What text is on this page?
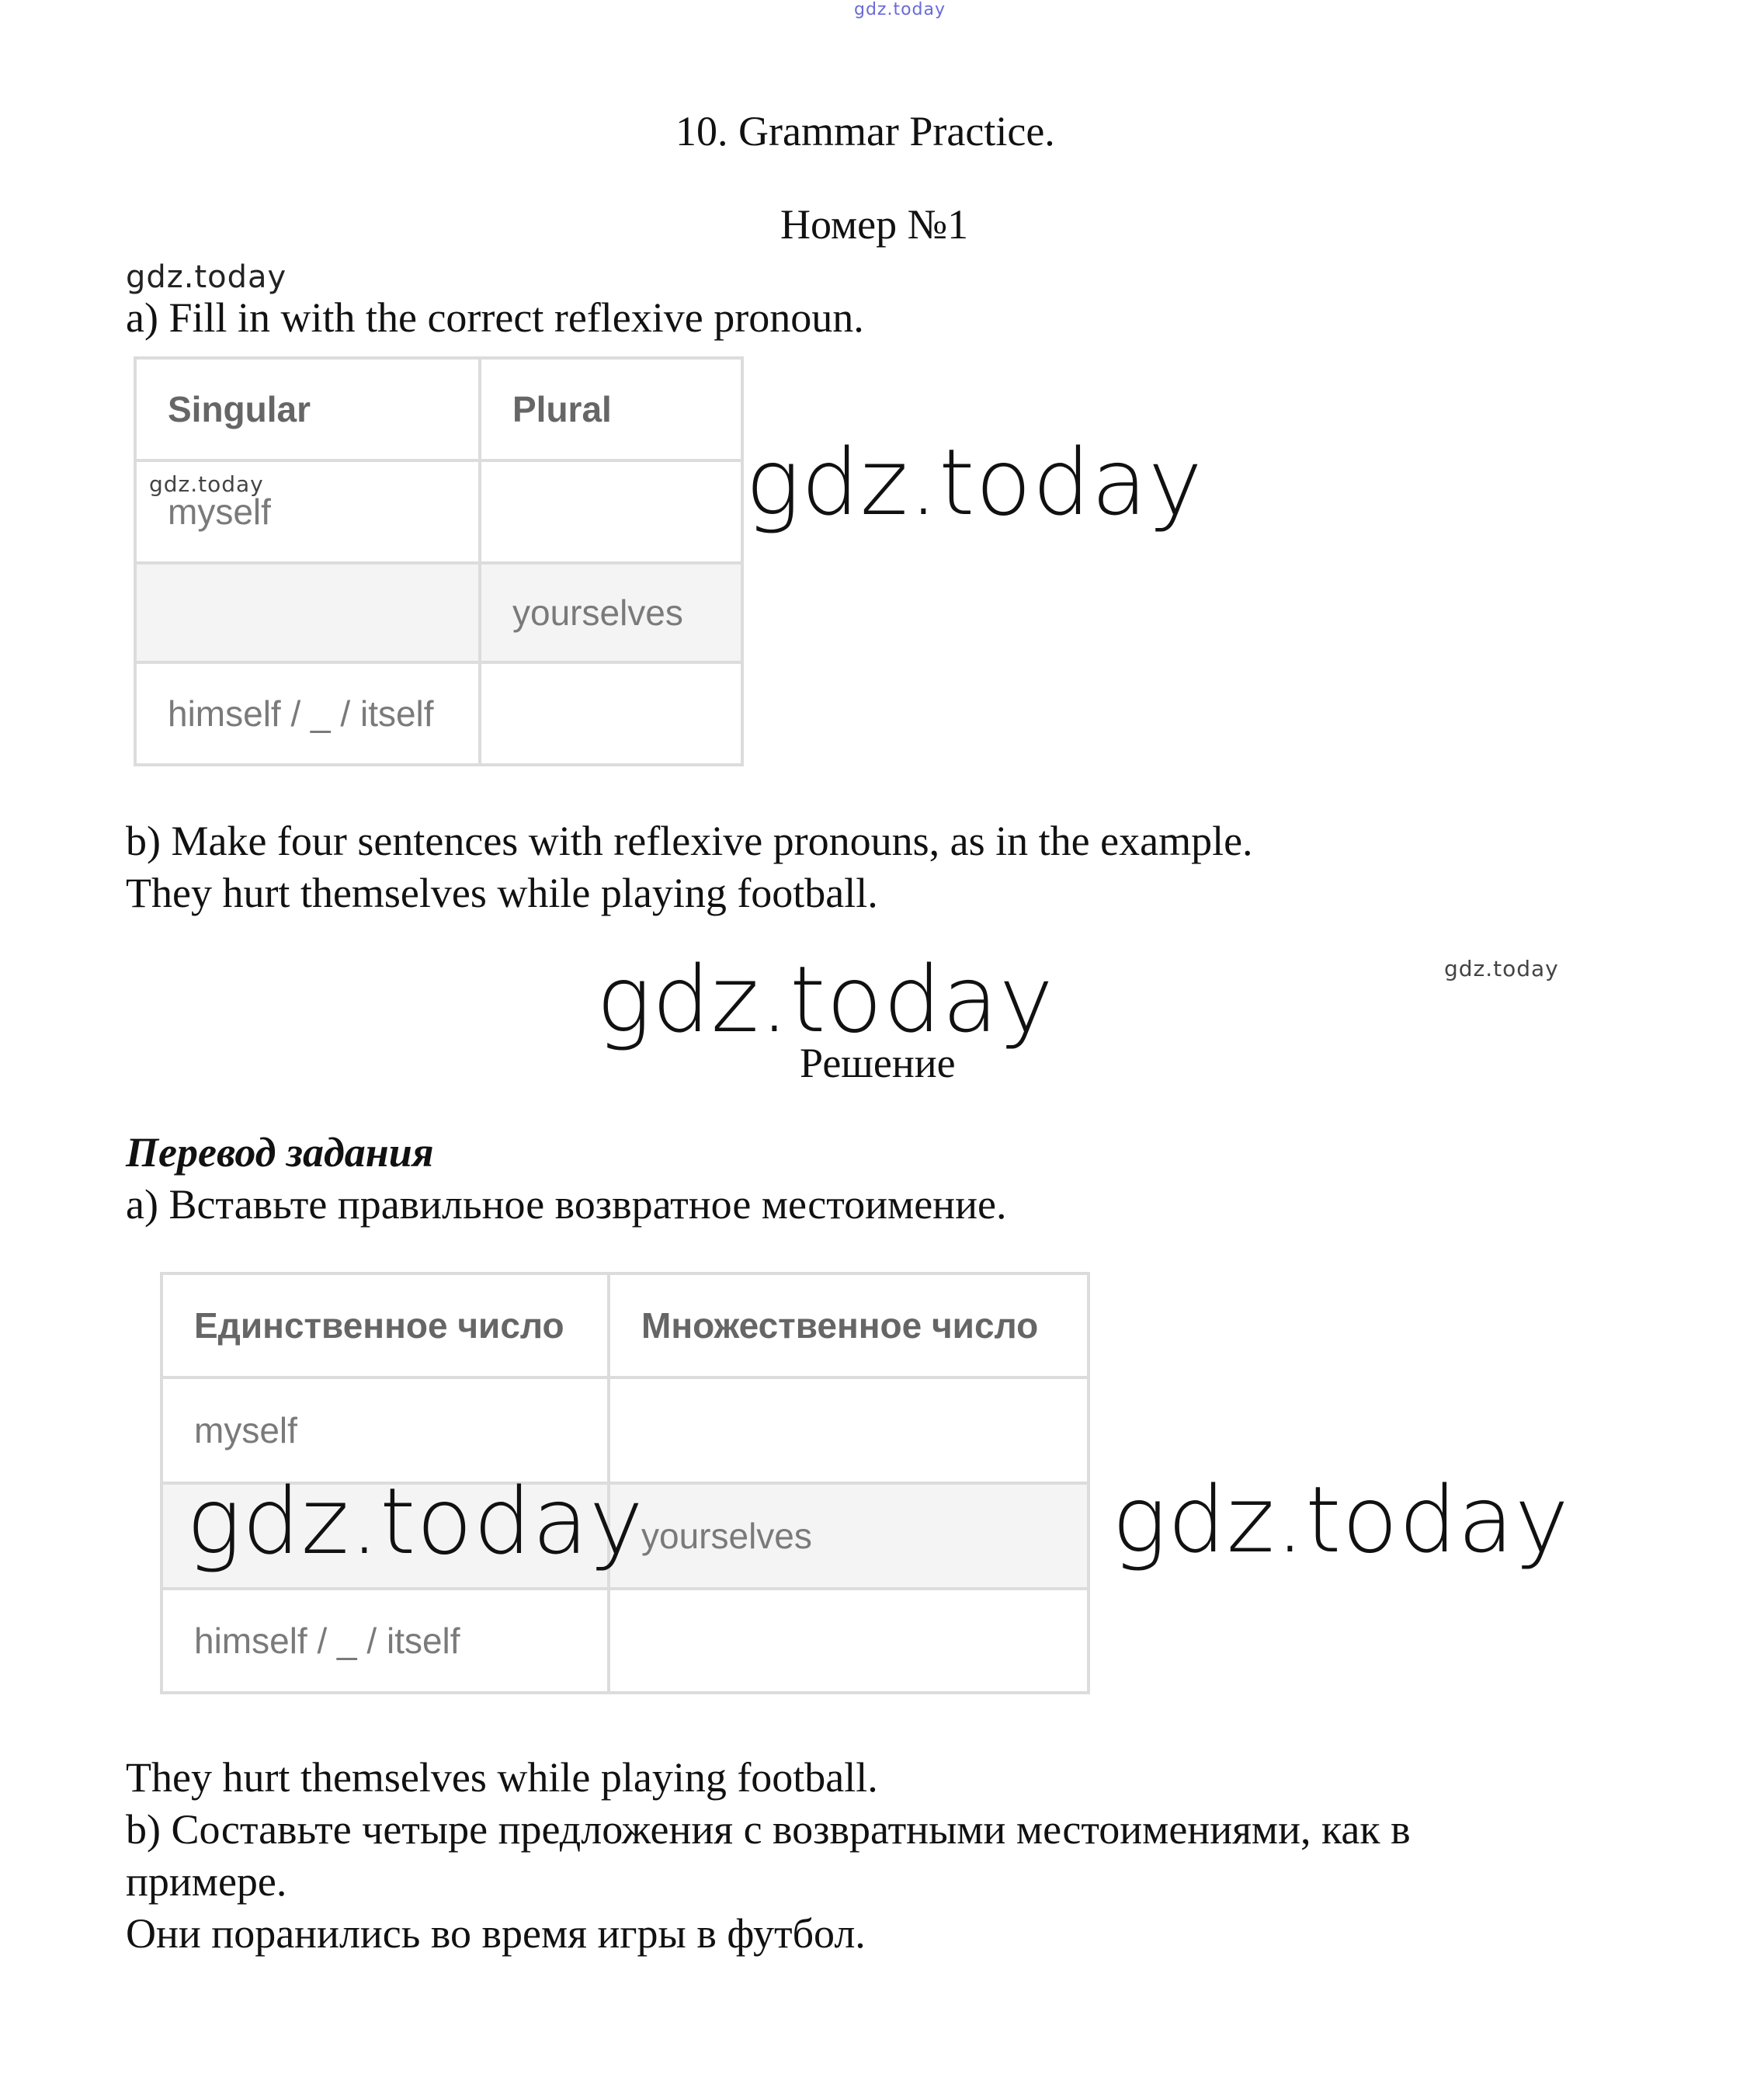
gdz.today
10. Grammar Practice.
Номер №1
gdz.today
a) Fill in with the correct reflexive pronoun.
Singular	Plural
myself	
	yourselves
himself / _ / itself	
gdz.today	gdz.today
b) Make four sentences with reflexive pronouns, as in the example.
They hurt themselves while playing football.
gdz.today
gdz.today
Решение
Перевод задания
а) Вставьте правильное возвратное местоимение.
Единственное число	Множественное число
myself	
	yourselves
himself / _ / itself	
gdz.today	gdz.today
They hurt themselves while playing football.
b) Составьте четыре предложения с возвратными местоимениями, как в
примере.
Они поранились во время игры в футбол.
